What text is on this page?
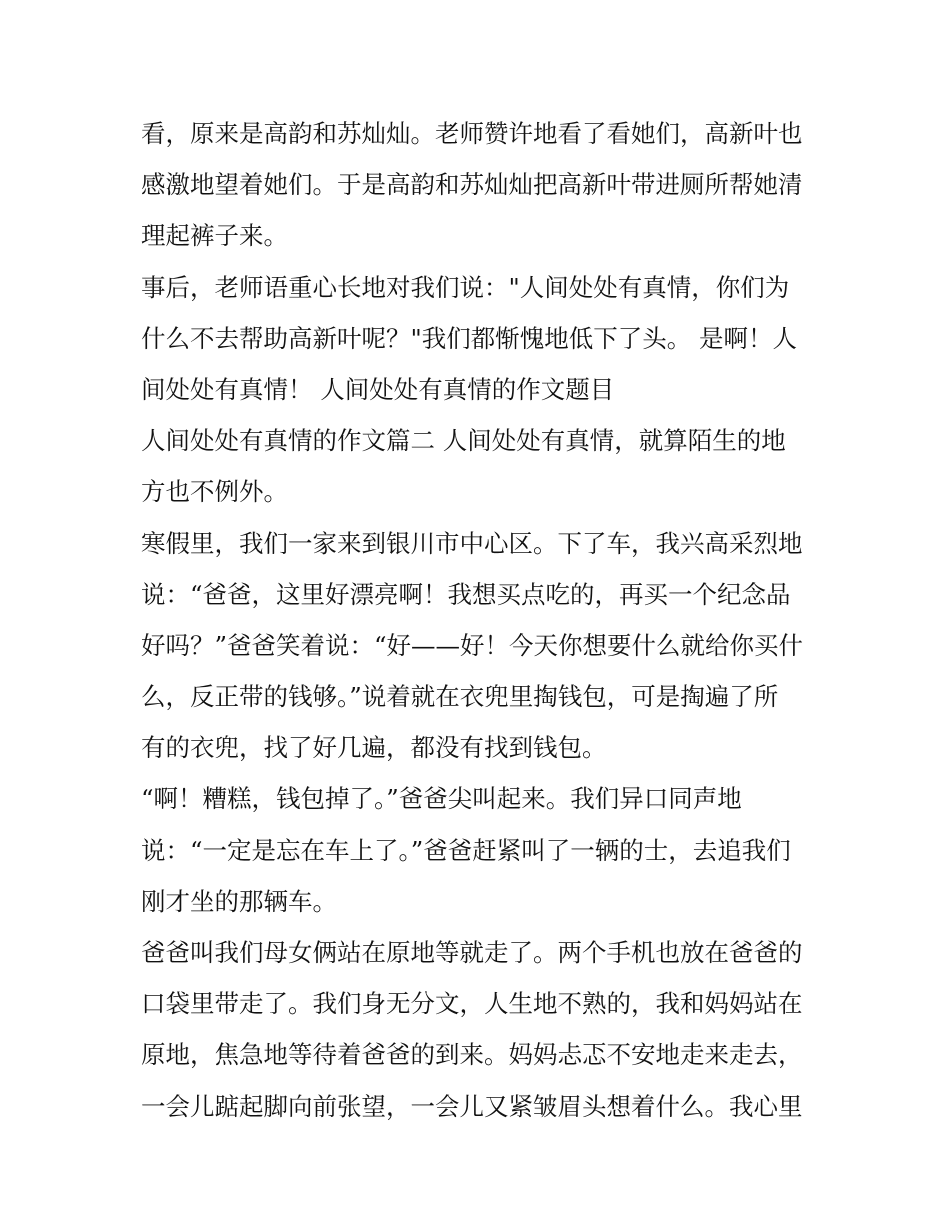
看，原来是高韵和苏灿灿。老师赞许地看了看她们，高新叶也
感激地望着她们。于是高韵和苏灿灿把高新叶带进厕所帮她清
理起裤子来。
事后，老师语重心长地对我们说："人间处处有真情，你们为
什么不去帮助高新叶呢？"我们都惭愧地低下了头。 是啊！人
间处处有真情！ 人间处处有真情的作文题目
人间处处有真情的作文篇二 人间处处有真情，就算陌生的地
方也不例外。
寒假里，我们一家来到银川市中心区。下了车，我兴高采烈地
说：“爸爸，这里好漂亮啊！我想买点吃的，再买一个纪念品
好吗？”爸爸笑着说：“好——好！今天你想要什么就给你买什
么，反正带的钱够。”说着就在衣兜里掏钱包，可是掏遍了所
有的衣兜，找了好几遍，都没有找到钱包。
“啊！糟糕，钱包掉了。”爸爸尖叫起来。我们异口同声地
说：“一定是忘在车上了。”爸爸赶紧叫了一辆的士，去追我们
刚才坐的那辆车。
爸爸叫我们母女俩站在原地等就走了。两个手机也放在爸爸的
口袋里带走了。我们身无分文，人生地不熟的，我和妈妈站在
原地，焦急地等待着爸爸的到来。妈妈忐忑不安地走来走去，
一会儿踮起脚向前张望，一会儿又紧皱眉头想着什么。我心里
